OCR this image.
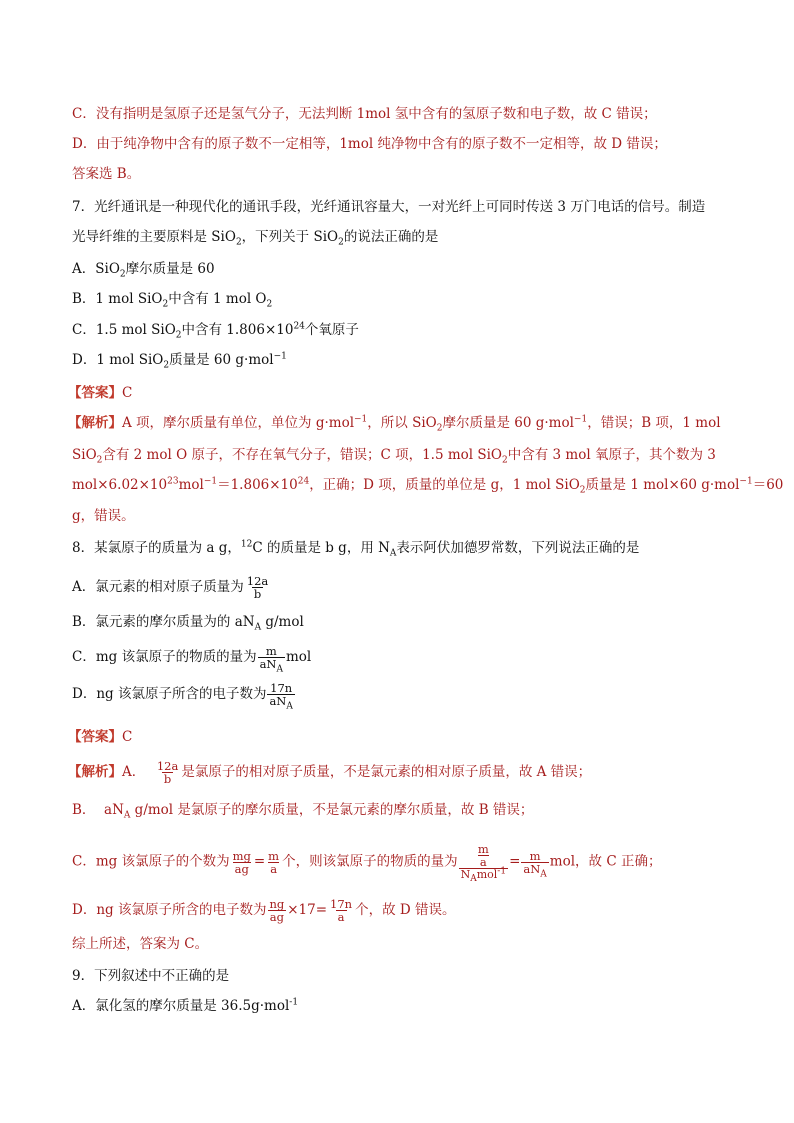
C．没有指明是氢原子还是氢气分子，无法判断 1mol 氢中含有的氢原子数和电子数，故 C 错误；
D．由于纯净物中含有的原子数不一定相等，1mol 纯净物中含有的原子数不一定相等，故 D 错误；
答案选 B。
7．光纤通讯是一种现代化的通讯手段，光纤通讯容量大，一对光纤上可同时传送 3 万门电话的信号。制造
光导纤维的主要原料是 SiO$_2$，下列关于 SiO$_2$的说法正确的是
A．SiO$_2$摩尔质量是 60
B．1 mol SiO$_2$中含有 1 mol $O_2$
C．1.5 mol SiO$_2$中含有 $1.806\times 10^{24}$个氧原子
D．1 mol SiO$_2$质量是 60 g·mol$^{-1}$
【答案】C
【解析】A 项，摩尔质量有单位，单位为 g·mol$^{-1}$，所以 SiO$_2$摩尔质量是 60 g·mol$^{-1}$，错误；B 项，1 mol
SiO$_2$含有 2 mol O 原子，不存在氧气分子，错误；C 项，1.5 mol SiO$_2$中含有 3 mol 氧原子，其个数为 3
$mol\times 6.02\times 10^{23}mol^{-1}=1.806\times 10^{24}$，正确；D 项，质量的单位是 g，1 mol SiO$_2$质量是 1 mol×60 g·mol$^{-1}$＝60
g，错误。
8．某氯原子的质量为 a g，$^{12}$C 的质量是 b g，用 $N_A$表示阿伏加德罗常数，下列说法正确的是
A．氯元素的相对原子质量为 $\frac{12a}{b}$
B．氯元素的摩尔质量为的 $aN_A$ g/mol
C．mg 该氯原子的物质的量为 $\frac{m}{aN_A}$ mol
D．ng 该氯原子所含的电子数为 $\frac{17n}{aN_A}$
【答案】C
【解析】A． $\frac{12a}{b}$ 是氯原子的相对原子质量，不是氯元素的相对原子质量，故 A 错误；
B． $aN_A$ g/mol 是氯原子的摩尔质量，不是氯元素的摩尔质量，故 B 错误；
C．mg 该氯原子的个数为 $\frac{mg}{ag} = \frac{m}{a}$ 个，则该氯原子的物质的量为 $\frac{\frac{m}{a}}{N_Amol^{-1}} = \frac{m}{aN_A}$ mol，故 C 正确；
D．ng 该氯原子所含的电子数为 $\frac{ng}{ag} \times 17= \frac{17n}{a}$ 个，故 D 错误。
综上所述，答案为 C。
9．下列叙述中不正确的是
A．氯化氢的摩尔质量是 36.5g·mol$^{-1}$
